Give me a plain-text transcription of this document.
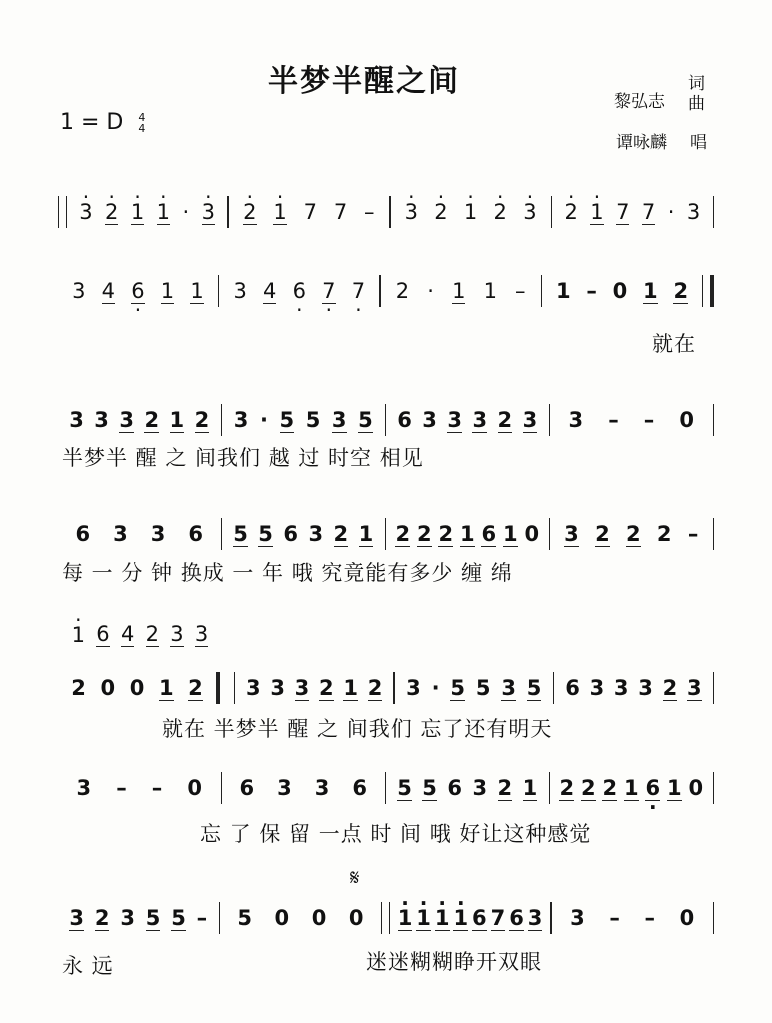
半梦半醒之间
黎弘志
词曲
谭咏麟 唱
1 = D 4
4
· 3 · 2 · 1 · 1 · · 3 · 2 · 1 7 7 – · 3 · 2 · 1 · 2 · 3 · 2 · 1 7 7 · 3
3 4 6 · 1 1 3 4 6 · 7 · 7 · 2 · 1 1 – 1 – 0 1 2
3 3 3 2 1 2 3 · 5 5 3 5 6 3 3 3 2 3 3 – – 0
6 3 3 6 5 5 6 3 2 1 2 2 2 1 6 1 0 3 2 2 2 –
2 0 0 1 2 3 3 3 2 1 2 3 · 5 5 3 5 6 3 3 3 2 3
3 – – 0 6 3 3 6 5 5 6 3 2 1 2 2 2 1 6 · 1 0
3 2 3 5 5 – 5 0 0 0 · 1 · 1 · 1 · 1 6 7 6 3 3 – – 0
𝄋
· 1 6 4 2 3 3
就在
半梦半 醒 之 间我们 越 过 时空 相见
每 一 分 钟 换成 一 年 哦 究竟能有多少 缠 绵
就在 半梦半 醒 之 间我们 忘了还有明天
忘 了 保 留 一点 时 间 哦 好让这种感觉
永 远	迷迷糊糊睁开双眼
